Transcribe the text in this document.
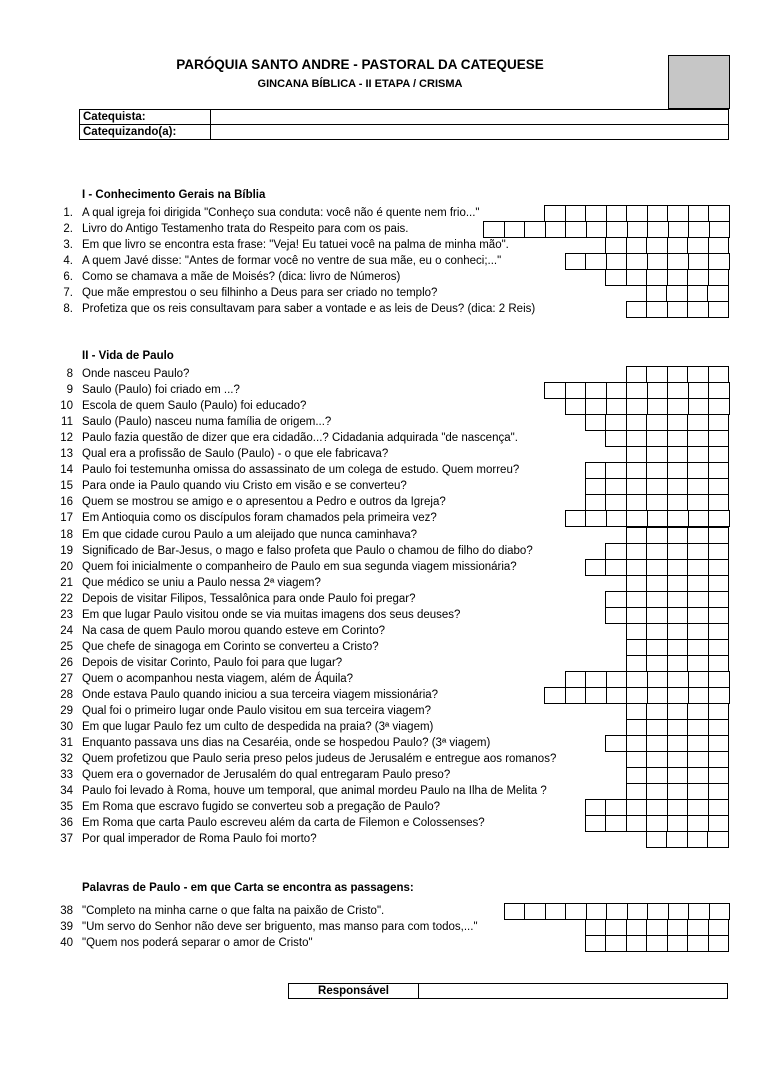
PARÓQUIA SANTO ANDRE - PASTORAL DA CATEQUESE
GINCANA BÍBLICA - II ETAPA / CRISMA
Catequista:	
Catequizando(a):	
I - Conhecimento Gerais na Bíblia
1. A qual igreja foi dirigida "Conheço sua conduta: você não é quente nem frio..."
2. Livro do Antigo Testamenho trata do Respeito para com os pais.
3. Em que livro se encontra esta frase: "Veja! Eu tatuei você na palma de minha mão".
4. A quem Javé disse: "Antes de formar você no ventre de sua mãe, eu o conheci;..."
6. Como se chamava a mãe de Moisés? (dica: livro de Números)
7. Que mãe emprestou o seu filhinho a Deus para ser criado no templo?
8. Profetiza que os reis consultavam para saber a vontade e as leis de Deus? (dica: 2 Reis)
II - Vida de Paulo
8 Onde nasceu Paulo?
9 Saulo (Paulo) foi criado em ...?
10 Escola de quem Saulo (Paulo) foi educado?
11 Saulo (Paulo) nasceu numa família de origem...?
12 Paulo fazia questão de dizer que era cidadão...? Cidadania adquirada "de nascença".
13 Qual era a profissão de Saulo (Paulo) - o que ele fabricava?
14 Paulo foi testemunha omissa do assassinato de um colega de estudo. Quem morreu?
15 Para onde ia Paulo quando viu Cristo em visão e se converteu?
16 Quem se mostrou se amigo e o apresentou a Pedro e outros da Igreja?
17 Em Antioquia como os discípulos foram chamados pela primeira vez?
18 Em que cidade curou Paulo a um aleijado que nunca caminhava?
19 Significado de Bar-Jesus, o mago e falso profeta que Paulo o chamou de filho do diabo?
20 Quem foi inicialmente o companheiro de Paulo em sua segunda viagem missionária?
21 Que médico se uniu a Paulo nessa 2ª viagem?
22 Depois de visitar Filipos, Tessalônica para onde Paulo foi pregar?
23 Em que lugar Paulo visitou onde se via muitas imagens dos seus deuses?
24 Na casa de quem Paulo morou quando esteve em Corinto?
25 Que chefe de sinagoga em Corinto se converteu a Cristo?
26 Depois de visitar Corinto, Paulo foi para que lugar?
27 Quem o acompanhou nesta viagem, além de Áquila?
28 Onde estava Paulo quando iniciou a sua terceira viagem missionária?
29 Qual foi o primeiro lugar onde Paulo visitou em sua terceira viagem?
30 Em que lugar Paulo fez um culto de despedida na praia? (3ª viagem)
31 Enquanto passava uns dias na Cesaréia, onde se hospedou Paulo? (3ª viagem)
32 Quem profetizou que Paulo seria preso pelos judeus de Jerusalém e entregue aos romanos?
33 Quem era o governador de Jerusalém do qual entregaram Paulo preso?
34 Paulo foi levado à Roma, houve um temporal, que animal mordeu Paulo na Ilha de Melita ?
35 Em Roma que escravo fugido se converteu sob a pregação de Paulo?
36 Em Roma que carta Paulo escreveu além da carta de Filemon e Colossenses?
37 Por qual imperador de Roma Paulo foi morto?
Palavras de Paulo - em que Carta se encontra as passagens:
38 "Completo na minha carne o que falta na paixão de Cristo".
39 "Um servo do Senhor não deve ser briguento, mas manso para com todos,..."
40 "Quem nos poderá separar o amor de Cristo"
Responsável	
